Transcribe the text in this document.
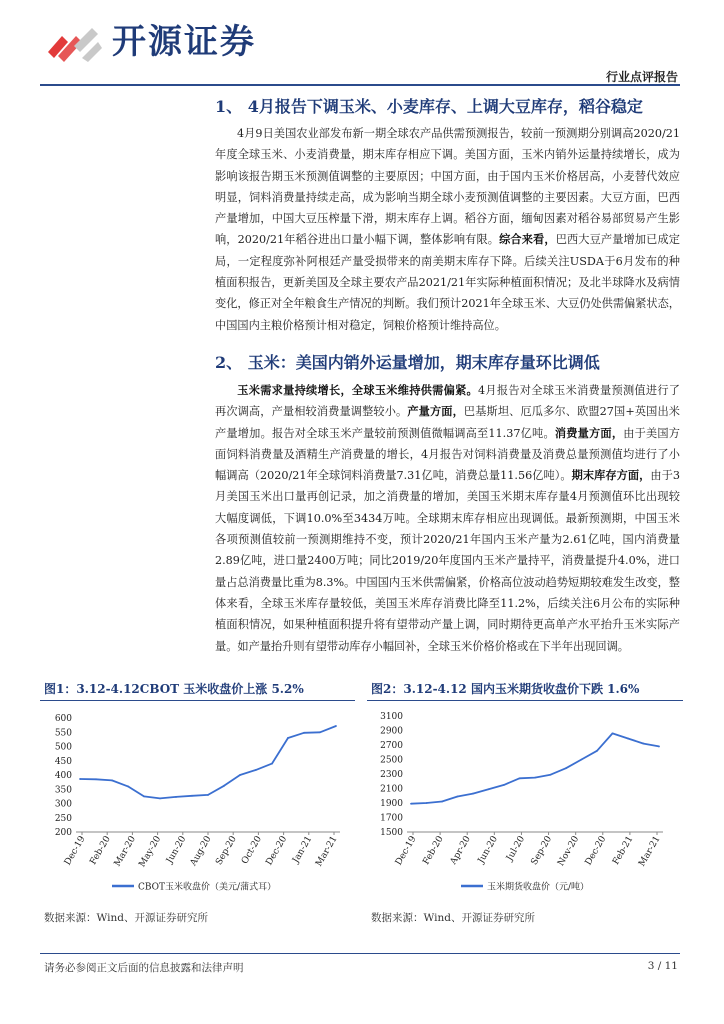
开源证券
行业点评报告
1、 4月报告下调玉米、小麦库存、上调大豆库存，稻谷稳定
4月9日美国农业部发布新一期全球农产品供需预测报告，较前一预测期分别调高2020/21年度全球玉米、小麦消费量，期末库存相应下调。美国方面，玉米内销外运量持续增长，成为影响该报告期玉米预测值调整的主要原因；中国方面，由于国内玉米价格居高，小麦替代效应明显，饲料消费量持续走高，成为影响当期全球小麦预测值调整的主要因素。大豆方面，巴西产量增加，中国大豆压榨量下滑，期末库存上调。稻谷方面，缅甸因素对稻谷易部贸易产生影响，2020/21年稻谷进出口量小幅下调，整体影响有限。综合来看，巴西大豆产量增加已成定局，一定程度弥补阿根廷产量受损带来的南美期末库存下降。后续关注USDA于6月发布的种植面积报告，更新美国及全球主要农产品2021/21年实际种植面积情况；及北半球降水及病情变化，修正对全年粮食生产情况的判断。我们预计2021年全球玉米、大豆仍处供需偏紧状态，中国国内主粮价格预计相对稳定，饲粮价格预计维持高位。
2、 玉米：美国内销外运量增加，期末库存量环比调低
玉米需求量持续增长，全球玉米维持供需偏紧。4月报告对全球玉米消费量预测值进行了再次调高，产量相较消费量调整较小。产量方面，巴基斯坦、厄瓜多尔、欧盟27国+英国出米产量增加。报告对全球玉米产量较前预测值微幅调高至11.37亿吨。消费量方面，由于美国方面饲料消费量及酒精生产消费量的增长，4月报告对饲料消费量及消费总量预测值均进行了小幅调高（2020/21年全球饲料消费量7.31亿吨，消费总量11.56亿吨）。期末库存方面，由于3月美国玉米出口量再创记录，加之消费量的增加，美国玉米期末库存量4月预测值环比出现较大幅度调低，下调10.0%至3434万吨。全球期末库存相应出现调低。最新预测期，中国玉米各项预测值较前一预测期维持不变，预计2020/21年国内玉米产量为2.61亿吨，国内消费量2.89亿吨，进口量2400万吨；同比2019/20年度国内玉米产量持平，消费量提升4.0%，进口量占总消费量比重为8.3%。中国国内玉米供需偏紧，价格高位波动趋势短期较难发生改变，整体来看，全球玉米库存量较低，美国玉米库存消费比降至11.2%，后续关注6月公布的实际种植面积情况，如果种植面积提升将有望带动产量上调，同时期待更高单产水平抬升玉米实际产量。如产量抬升则有望带动库存小幅回补，全球玉米价格价格或在下半年出现回调。
图1：3.12-4.12CBOT 玉米收盘价上涨 5.2%
200
250
300
350
400
450
500
550
600
Dec-19 Feb-20 Mar-20 May-20 Jun-20 Aug-20 Sep-20 Oct-20 Dec-20 Jan-21 Mar-21
CBOT玉米收盘价（美元/蒲式耳）
数据来源：Wind、开源证券研究所
图2：3.12-4.12 国内玉米期货收盘价下跌 1.6%
1500
1700
1900
2100
2300
2500
2700
2900
3100
Dec-19 Feb-20 Apr-20 Jun-20 Jul-20 Sep-20 Nov-20 Dec-20 Feb-21 Mar-21
玉米期货收盘价（元/吨）
数据来源：Wind、开源证券研究所
请务必参阅正文后面的信息披露和法律声明	3 / 11
